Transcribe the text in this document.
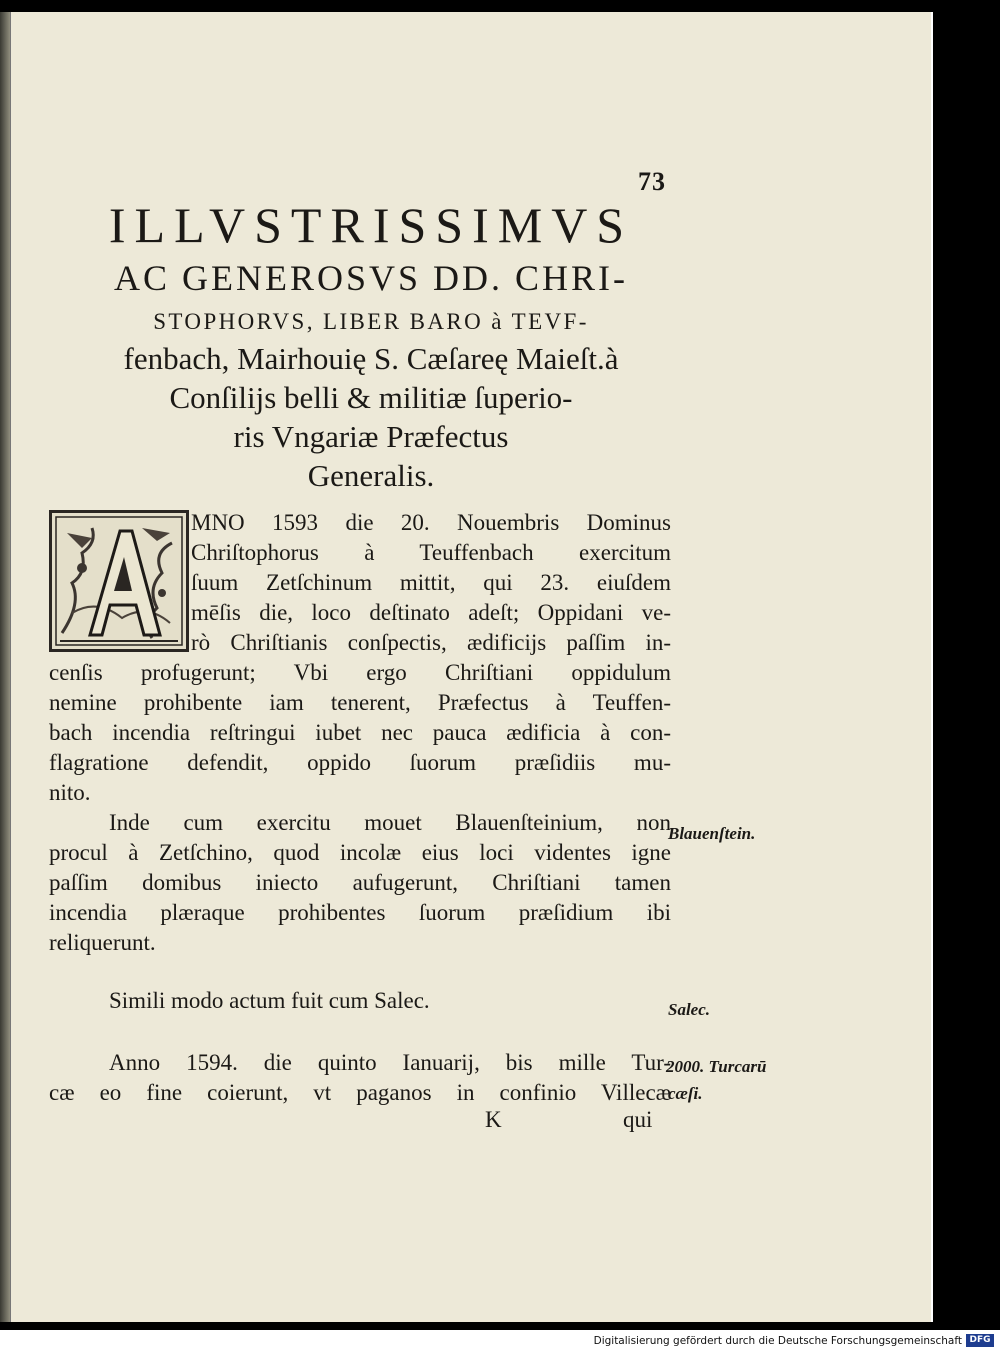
73
ILLVSTRISSIMVS
AC GENEROSVS DD. CHRI-
STOPHORVS, LIBER BARO à TEVF-
fenbach, Mairhouię S. Cæſareę Maieſt.à
Conſilijs belli & militiæ ſuperio-
ris Vngariæ Præfectus
Generalis.
MNO 1593 die 20. Nouembris Dominus
Chriſtophorus à Teuffenbach exercitum
ſuum Zetſchinum mittit, qui 23. eiuſdem
mēſis die, loco deſtinato adeſt; Oppidani ve-
rò Chriſtianis conſpectis, ædificijs paſſim in-
cenſis profugerunt; Vbi ergo Chriſtiani oppidulum
nemine prohibente iam tenerent, Præfectus à Teuffen-
bach incendia reſtringui iubet nec pauca ædificia à con-
flagratione defendit, oppido ſuorum præſidiis mu-
nito.
Inde cum exercitu mouet Blauenſteinium, non
procul à Zetſchino, quod incolæ eius loci videntes igne
paſſim domibus iniecto aufugerunt, Chriſtiani tamen
incendia plæraque prohibentes ſuorum præſidium ibi
reliquerunt.
Simili modo actum fuit cum Salec.
Anno 1594. die quinto Ianuarij, bis mille Tur-
cæ eo fine coierunt, vt paganos in confinio Villecæ
K	qui
Blauenſtein.
Salec.
2000. Turcarū
cæſi.
Digitalisierung gefördert durch die Deutsche Forschungsgemeinschaft DFG
